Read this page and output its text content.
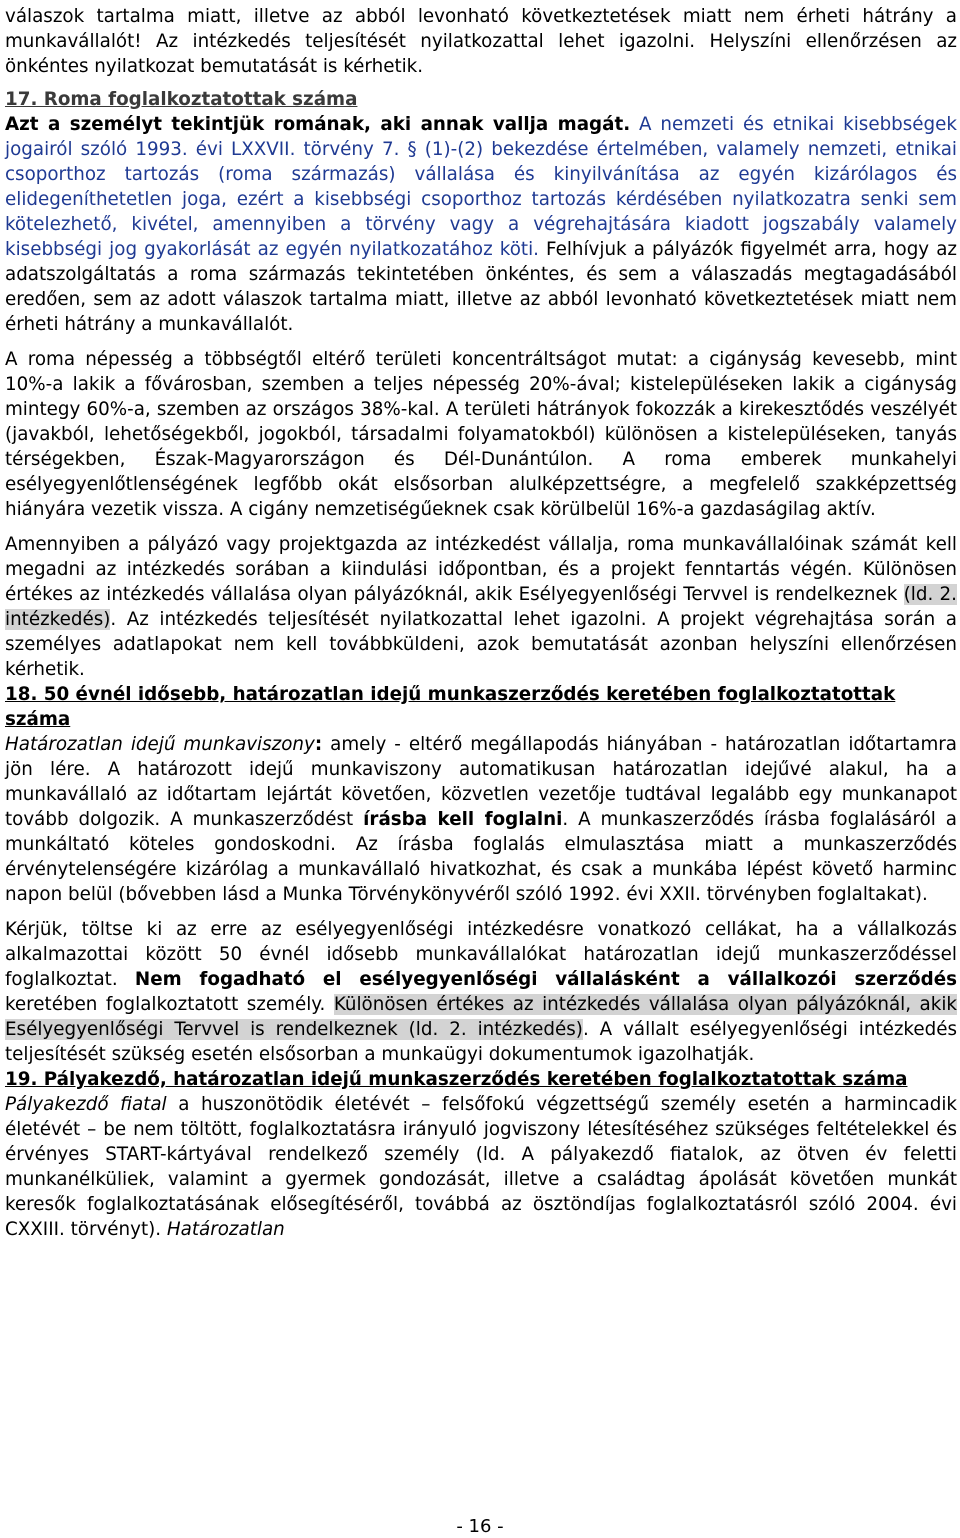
válaszok tartalma miatt, illetve az abból levonható következtetések miatt nem érheti hátrány a munkavállalót! Az intézkedés teljesítését nyilatkozattal lehet igazolni. Helyszíni ellenőrzésen az önkéntes nyilatkozat bemutatását is kérhetik.

17. Roma foglalkoztatottak száma

Azt a személyt tekintjük romának, aki annak vallja magát. A nemzeti és etnikai kisebbségek jogairól szóló 1993. évi LXXVII. törvény 7. § (1)-(2) bekezdése értelmében, valamely nemzeti, etnikai csoporthoz tartozás (roma származás) vállalása és kinyilvánítása az egyén kizárólagos és elidegeníthetetlen joga, ezért a kisebbségi csoporthoz tartozás kérdésében nyilatkozatra senki sem kötelezhető, kivétel, amennyiben a törvény vagy a végrehajtására kiadott jogszabály valamely kisebbségi jog gyakorlását az egyén nyilatkozatához köti. Felhívjuk a pályázók figyelmét arra, hogy az adatszolgáltatás a roma származás tekintetében önkéntes, és sem a válaszadás megtagadásából eredően, sem az adott válaszok tartalma miatt, illetve az abból levonható következtetések miatt nem érheti hátrány a munkavállalót.

A roma népesség a többségtől eltérő területi koncentráltságot mutat: a cigányság kevesebb, mint 10%-a lakik a fővárosban, szemben a teljes népesség 20%-ával; kistelepüléseken lakik a cigányság mintegy 60%-a, szemben az országos 38%-kal. A területi hátrányok fokozzák a kirekesztődés veszélyét (javakból, lehetőségekből, jogokból, társadalmi folyamatokból) különösen a kistelepüléseken, tanyás térségekben, Észak-Magyarországon és Dél-Dunántúlon. A roma emberek munkahelyi esélyegyenlőtlenségének legfőbb okát elsősorban alulképzettségre, a megfelelő szakképzettség hiányára vezetik vissza. A cigány nemzetiségűeknek csak körülbelül 16%-a gazdaságilag aktív.

Amennyiben a pályázó vagy projektgazda az intézkedést vállalja, roma munkavállalóinak számát kell megadni az intézkedés sorában a kiindulási időpontban, és a projekt fenntartás végén. Különösen értékes az intézkedés vállalása olyan pályázóknál, akik Esélyegyenlőségi Tervvel is rendelkeznek (ld. 2. intézkedés). Az intézkedés teljesítését nyilatkozattal lehet igazolni. A projekt végrehajtása során a személyes adatlapokat nem kell továbbküldeni, azok bemutatását azonban helyszíni ellenőrzésen kérhetik.

18. 50 évnél idősebb, határozatlan idejű munkaszerződés keretében foglalkoztatottak száma

Határozatlan idejű munkaviszony: amely - eltérő megállapodás hiányában - határozatlan időtartamra jön lére. A határozott idejű munkaviszony automatikusan határozatlan idejűvé alakul, ha a munkavállaló az időtartam lejártát követően, közvetlen vezetője tudtával legalább egy munkanapot tovább dolgozik. A munkaszerződést írásba kell foglalni. A munkaszerződés írásba foglalásáról a munkáltató köteles gondoskodni. Az írásba foglalás elmulasztása miatt a munkaszerződés érvénytelenségére kizárólag a munkavállaló hivatkozhat, és csak a munkába lépést követő harminc napon belül (bővebben lásd a Munka Törvénykönyvéről szóló 1992. évi XXII. törvényben foglaltakat).

Kérjük, töltse ki az erre az esélyegyenlőségi intézkedésre vonatkozó cellákat, ha a vállalkozás alkalmazottai között 50 évnél idősebb munkavállalókat határozatlan idejű munkaszerződéssel foglalkoztat. Nem fogadható el esélyegyenlőségi vállalásként a vállalkozói szerződés keretében foglalkoztatott személy. Különösen értékes az intézkedés vállalása olyan pályázóknál, akik Esélyegyenlőségi Tervvel is rendelkeznek (ld. 2. intézkedés). A vállalt esélyegyenlőségi intézkedés teljesítését szükség esetén elsősorban a munkaügyi dokumentumok igazolhatják.

19. Pályakezdő, határozatlan idejű munkaszerződés keretében foglalkoztatottak száma

Pályakezdő fiatal a huszonötödik életévét – felsőfokú végzettségű személy esetén a harmincadik életévét – be nem töltött, foglalkoztatásra irányuló jogviszony létesítéséhez szükséges feltételekkel és érvényes START-kártyával rendelkező személy (ld. A pályakezdő fiatalok, az ötven év feletti munkanélküliek, valamint a gyermek gondozását, illetve a családtag ápolását követően munkát keresők foglalkoztatásának elősegítéséről, továbbá az ösztöndíjas foglalkoztatásról szóló 2004. évi CXXIII. törvényt). Határozatlan

- 16 -
